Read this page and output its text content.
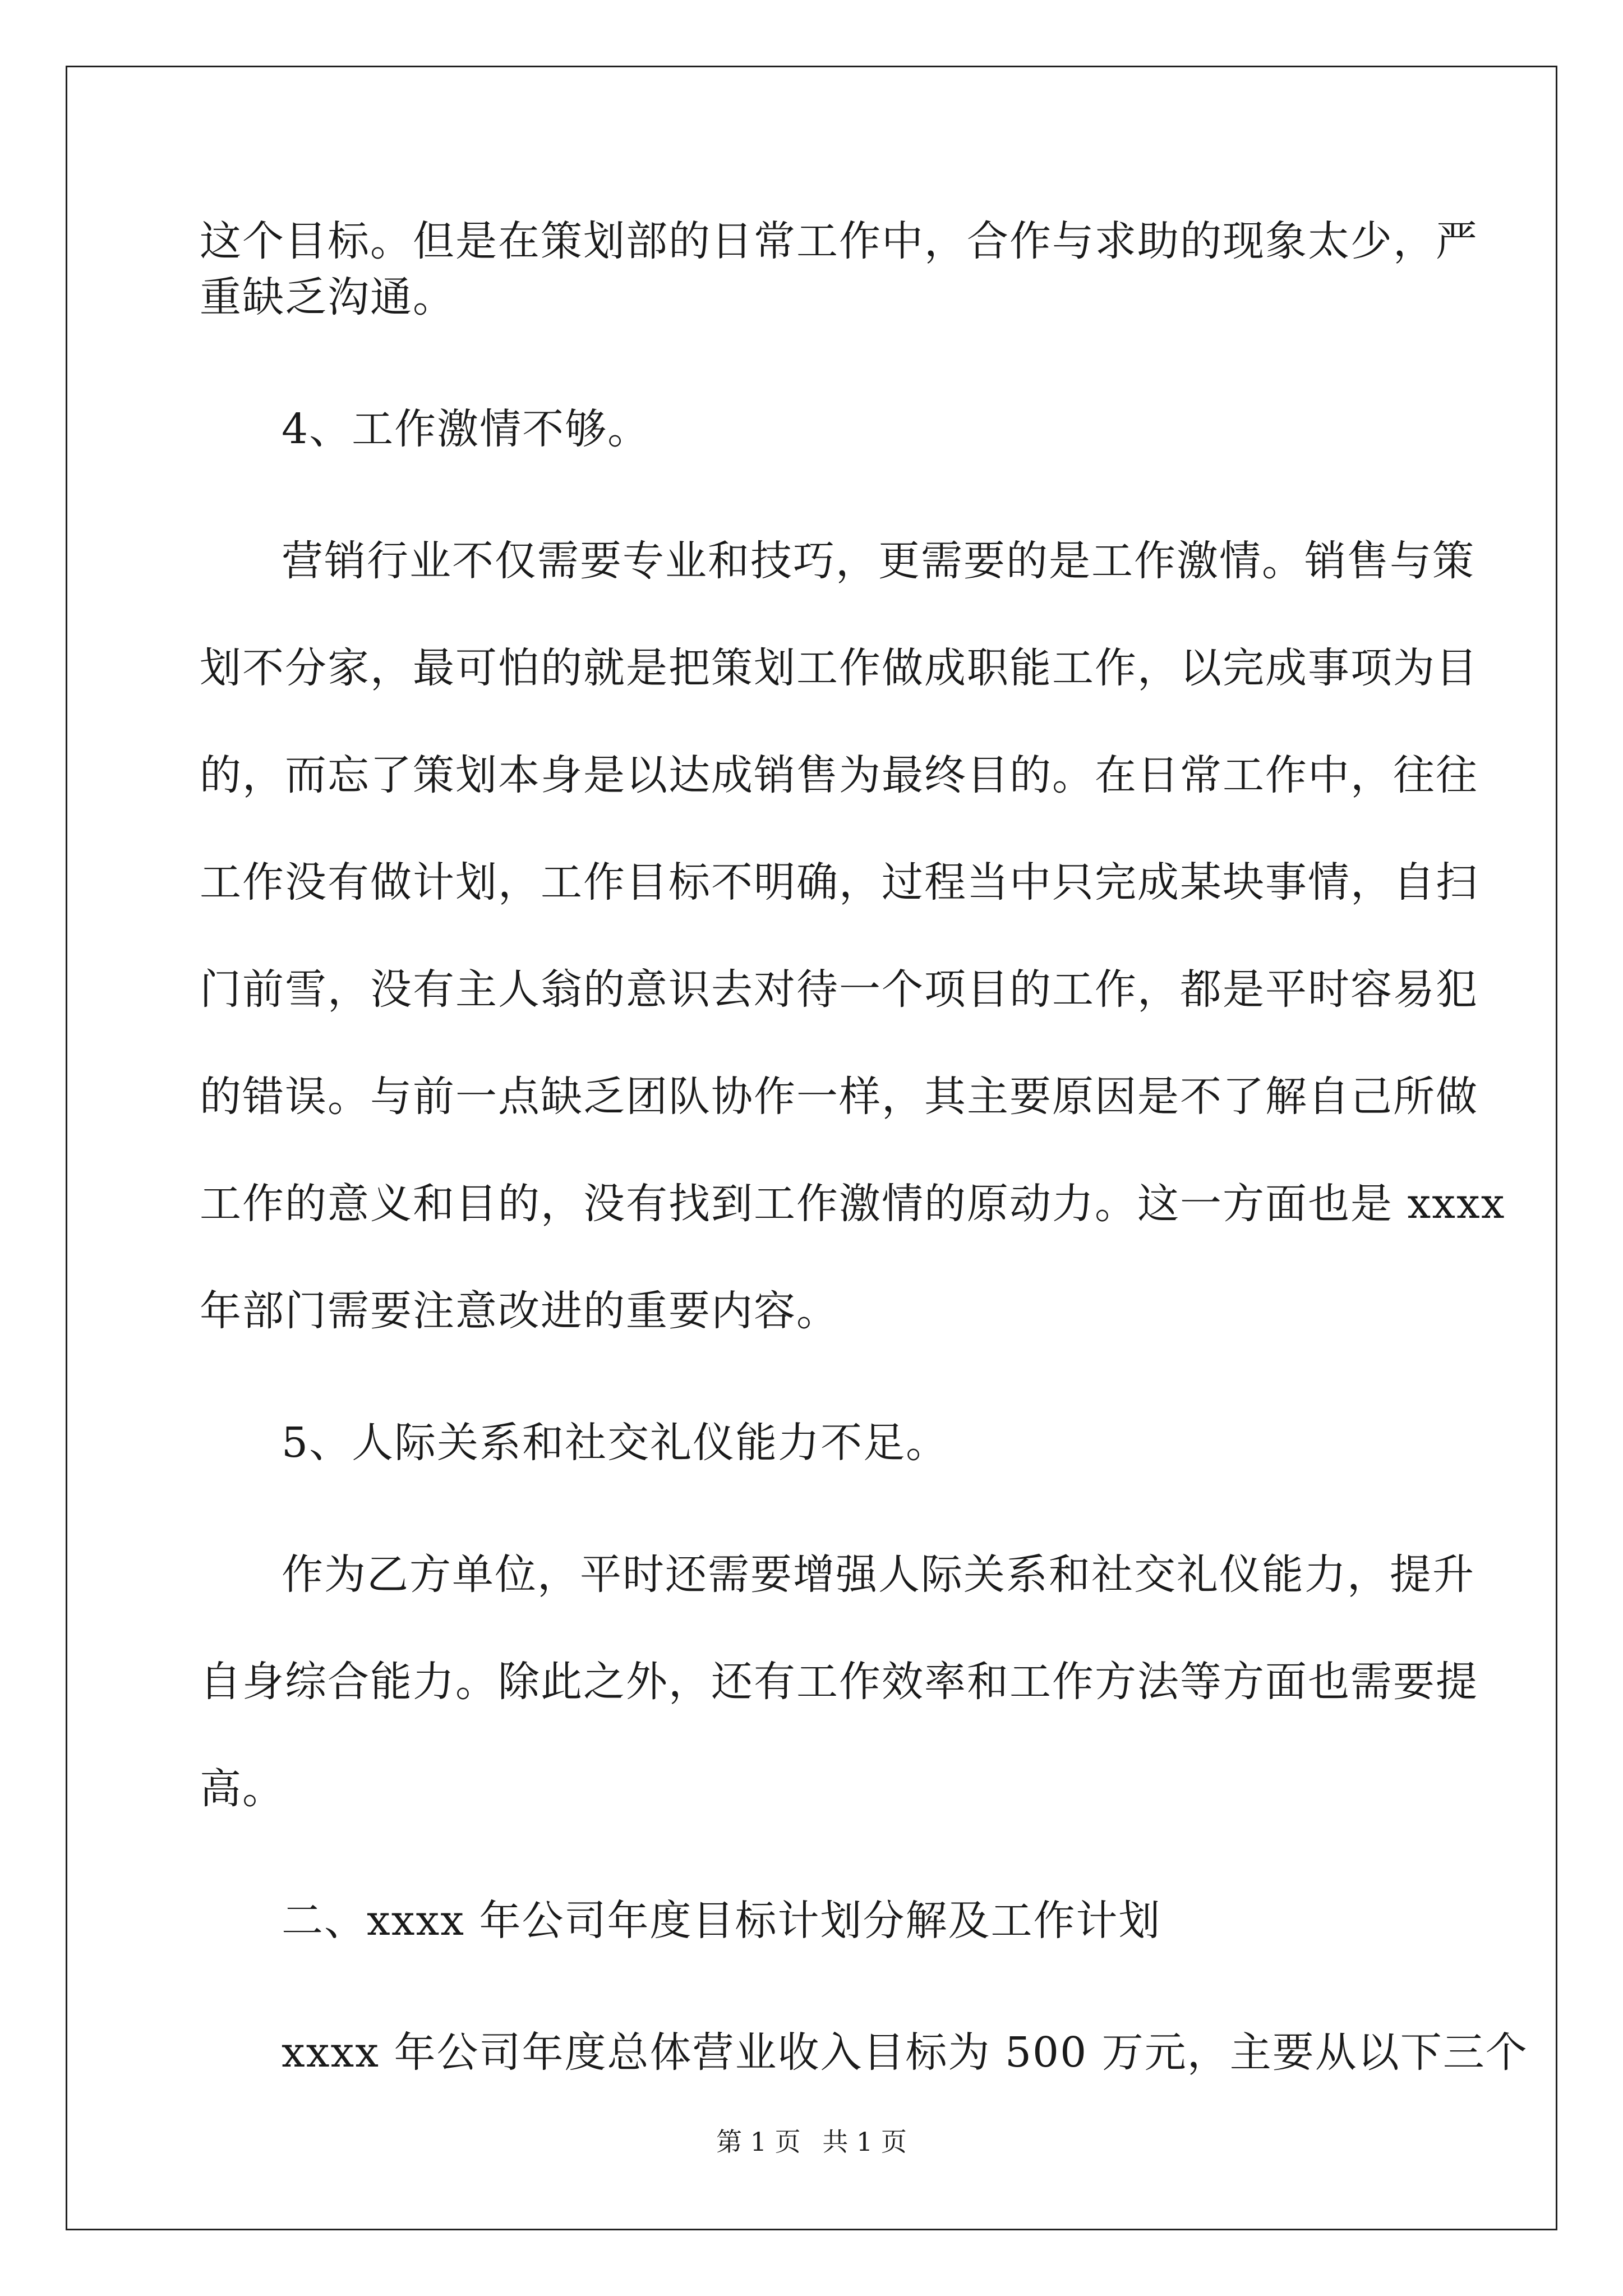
这个目标。但是在策划部的日常工作中，合作与求助的现象太少，严
重缺乏沟通。
4、工作激情不够。
营销行业不仅需要专业和技巧，更需要的是工作激情。销售与策
划不分家，最可怕的就是把策划工作做成职能工作，以完成事项为目
的，而忘了策划本身是以达成销售为最终目的。在日常工作中，往往
工作没有做计划，工作目标不明确，过程当中只完成某块事情，自扫
门前雪，没有主人翁的意识去对待一个项目的工作，都是平时容易犯
的错误。与前一点缺乏团队协作一样，其主要原因是不了解自己所做
工作的意义和目的，没有找到工作激情的原动力。这一方面也是 xxxx
年部门需要注意改进的重要内容。
5、人际关系和社交礼仪能力不足。
作为乙方单位，平时还需要增强人际关系和社交礼仪能力，提升
自身综合能力。除此之外，还有工作效率和工作方法等方面也需要提
高。
二、xxxx 年公司年度目标计划分解及工作计划
xxxx 年公司年度总体营业收入目标为 500 万元，主要从以下三个
第 1 页 共 1 页
